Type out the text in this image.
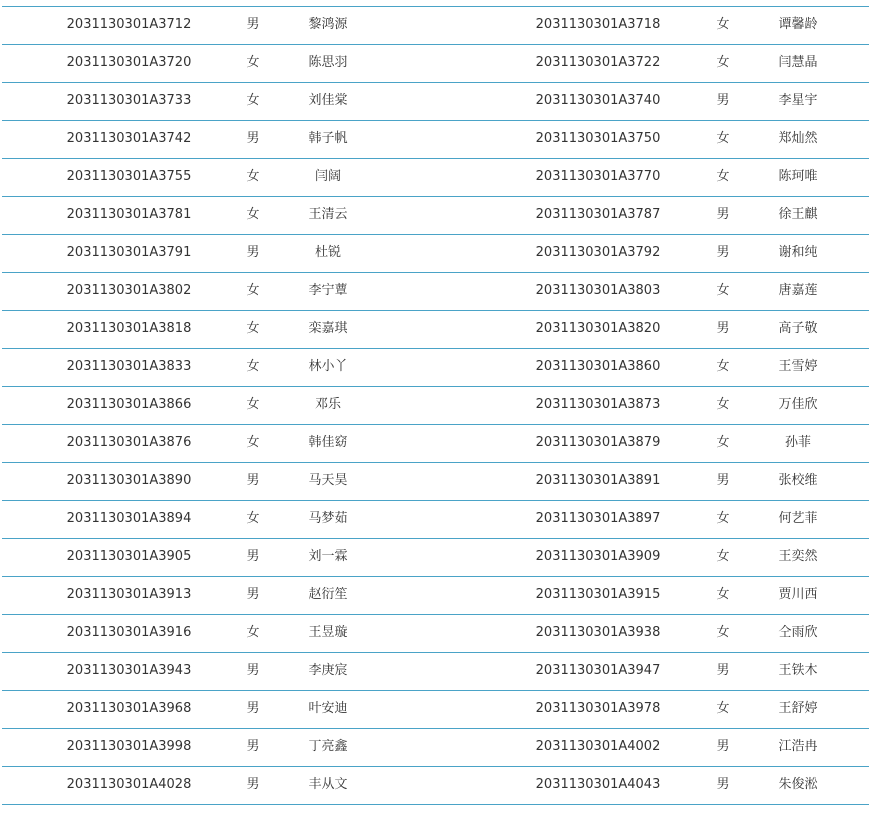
2031130301A3712	男	黎鸿源	2031130301A3718	女	谭馨龄
2031130301A3720	女	陈思羽	2031130301A3722	女	闫慧晶
2031130301A3733	女	刘佳棠	2031130301A3740	男	李星宇
2031130301A3742	男	韩子帆	2031130301A3750	女	郑灿然
2031130301A3755	女	闫阔	2031130301A3770	女	陈珂唯
2031130301A3781	女	王清云	2031130301A3787	男	徐王麒
2031130301A3791	男	杜锐	2031130301A3792	男	谢和纯
2031130301A3802	女	李宁蕈	2031130301A3803	女	唐嘉莲
2031130301A3818	女	栾嘉琪	2031130301A3820	男	高子敬
2031130301A3833	女	林小丫	2031130301A3860	女	王雪婷
2031130301A3866	女	邓乐	2031130301A3873	女	万佳欣
2031130301A3876	女	韩佳窈	2031130301A3879	女	孙菲
2031130301A3890	男	马天昊	2031130301A3891	男	张校维
2031130301A3894	女	马梦茹	2031130301A3897	女	何艺菲
2031130301A3905	男	刘一霖	2031130301A3909	女	王奕然
2031130301A3913	男	赵衍笙	2031130301A3915	女	贾川西
2031130301A3916	女	王昱璇	2031130301A3938	女	仝雨欣
2031130301A3943	男	李庚宸	2031130301A3947	男	王铁木
2031130301A3968	男	叶安迪	2031130301A3978	女	王舒婷
2031130301A3998	男	丁亮鑫	2031130301A4002	男	江浩冉
2031130301A4028	男	丰从文	2031130301A4043	男	朱俊淞
